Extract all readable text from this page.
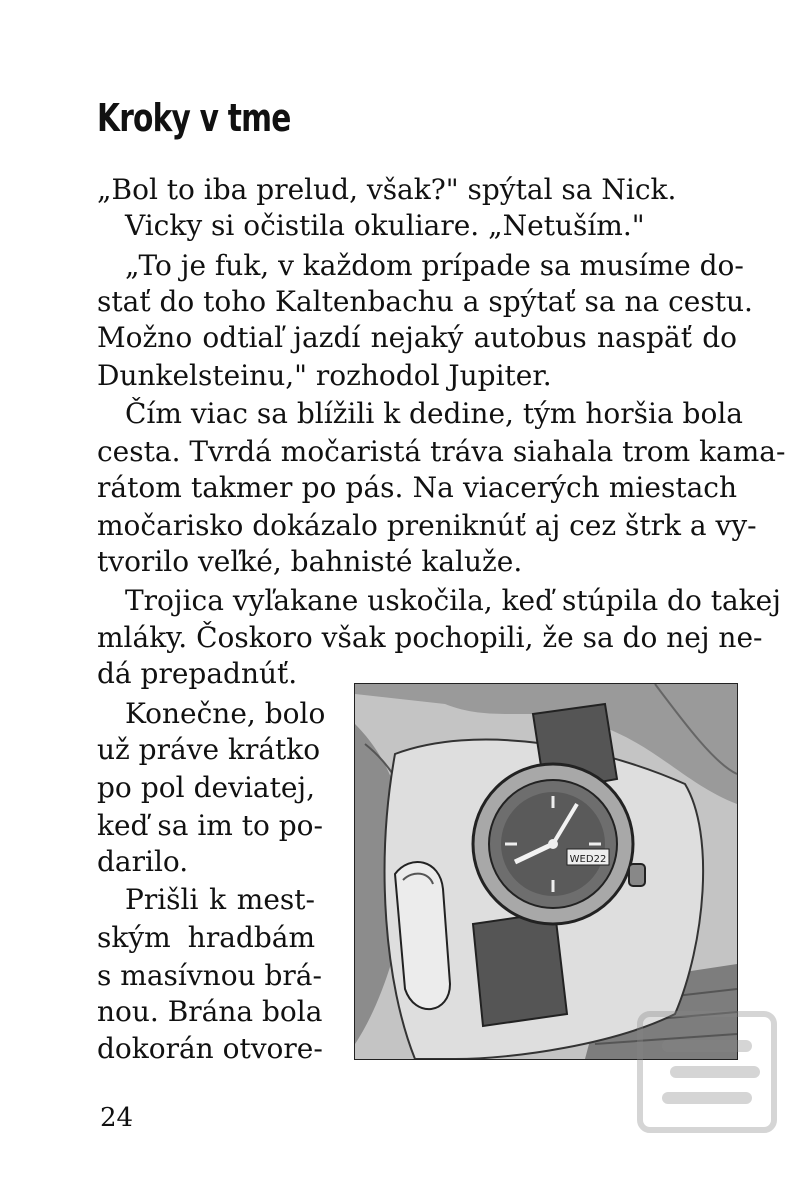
Kroky v tme
„Bol to iba prelud, však?" spýtal sa Nick.
Vicky si očistila okuliare. „Netuším."
„To je fuk, v každom prípade sa musíme do-
stať do toho Kaltenbachu a spýtať sa na cestu.
Možno odtiaľ jazdí nejaký autobus naspäť do
Dunkelsteinu," rozhodol Jupiter.
Čím viac sa blížili k dedine, tým horšia bola
cesta. Tvrdá močaristá tráva siahala trom kama-
rátom takmer po pás. Na viacerých miestach
močarisko dokázalo preniknúť aj cez štrk a vy-
tvorilo veľké, bahnisté kaluže.
Trojica vyľakane uskočila, keď stúpila do takej
mláky. Čoskoro však pochopili, že sa do nej ne-
dá prepadnúť.
Konečne, bolo
už práve krátko
po pol deviatej,
keď sa im to po-
darilo.
Prišli k mest-
ským hradbám
s masívnou brá-
nou. Brána bola
dokorán otvore-
WED22
24
